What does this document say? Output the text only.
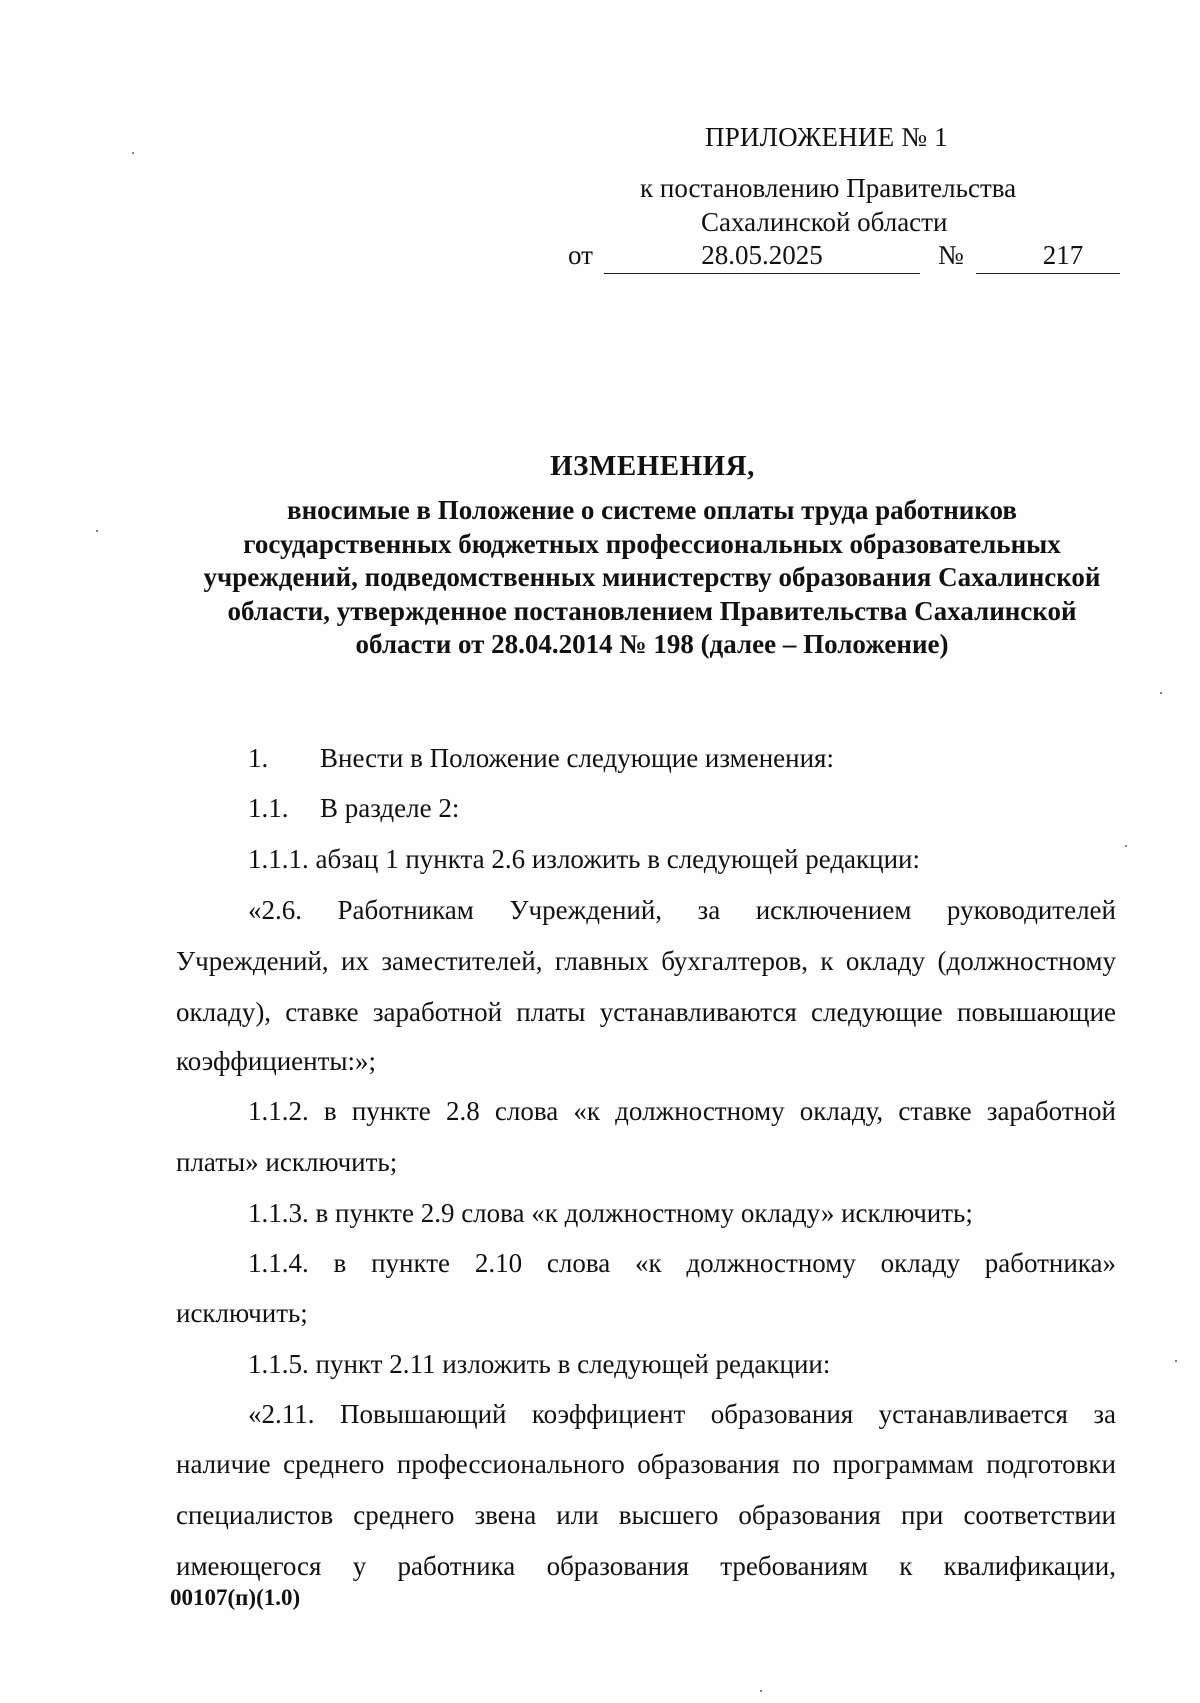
ПРИЛОЖЕНИЕ № 1
к постановлению Правительства
Сахалинской области
от	28.05.2025	№	217
ИЗМЕНЕНИЯ,
вносимые в Положение о системе оплаты труда работников
государственных бюджетных профессиональных образовательных
учреждений, подведомственных министерству образования Сахалинской
области, утвержденное постановлением Правительства Сахалинской
области от 28.04.2014 № 198 (далее – Положение)
1. Внести в Положение следующие изменения:
1.1. В разделе 2:
1.1.1. абзац 1 пункта 2.6 изложить в следующей редакции:
«2.6. Работникам Учреждений, за исключением руководителей
Учреждений, их заместителей, главных бухгалтеров, к окладу (должностному
окладу), ставке заработной платы устанавливаются следующие повышающие
коэффициенты:»;
1.1.2. в пункте 2.8 слова «к должностному окладу, ставке заработной
платы» исключить;
1.1.3. в пункте 2.9 слова «к должностному окладу» исключить;
1.1.4. в пункте 2.10 слова «к должностному окладу работника»
исключить;
1.1.5. пункт 2.11 изложить в следующей редакции:
«2.11. Повышающий коэффициент образования устанавливается за
наличие среднего профессионального образования по программам подготовки
специалистов среднего звена или высшего образования при соответствии
имеющегося у работника образования требованиям к квалификации,
00107(п)(1.0)
